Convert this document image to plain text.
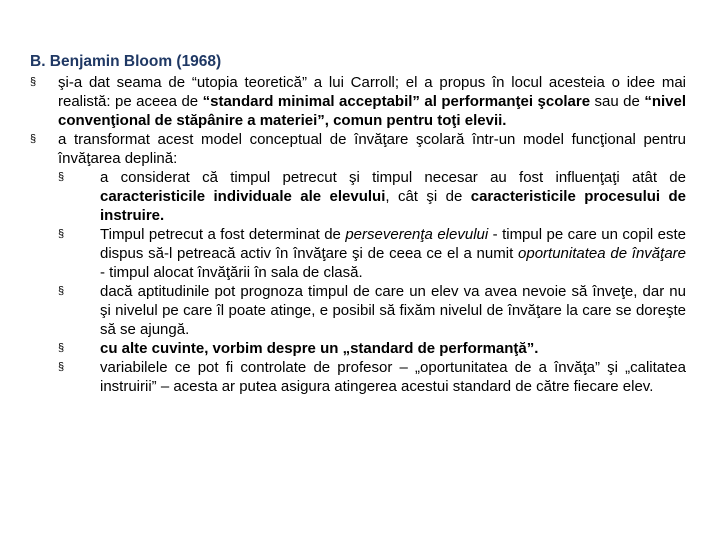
B. Benjamin Bloom (1968)
§ şi-a dat seama de “utopia teoretică” a lui Carroll; el a propus în locul acesteia o idee mai realistă: pe aceea de “standard minimal acceptabil” al performanţei şcolare sau de “nivel convenţional de stăpânire a materiei”, comun pentru toţi elevii.
§ a transformat acest model conceptual de învăţare şcolară într-un model funcţional pentru învăţarea deplină:
§ a considerat că timpul petrecut şi timpul necesar au fost influenţaţi atât de caracteristicile individuale ale elevului, cât şi de caracteristicile procesului de instruire.
§ Timpul petrecut a fost determinat de perseverenţa elevului - timpul pe care un copil este dispus să-l petreacă activ în învăţare şi de ceea ce el a numit oportunitatea de învăţare - timpul alocat învăţării în sala de clasă.
§ dacă aptitudinile pot prognoza timpul de care un elev va avea nevoie să înveţe, dar nu şi nivelul pe care îl poate atinge, e posibil să fixăm nivelul de învăţare la care se doreşte să se ajungă.
§ cu alte cuvinte, vorbim despre un „standard de performanţă”.
§ variabilele ce pot fi controlate de profesor – „oportunitatea de a învăţa” şi „calitatea instruirii” – acesta ar putea asigura atingerea acestui standard de către fiecare elev.
